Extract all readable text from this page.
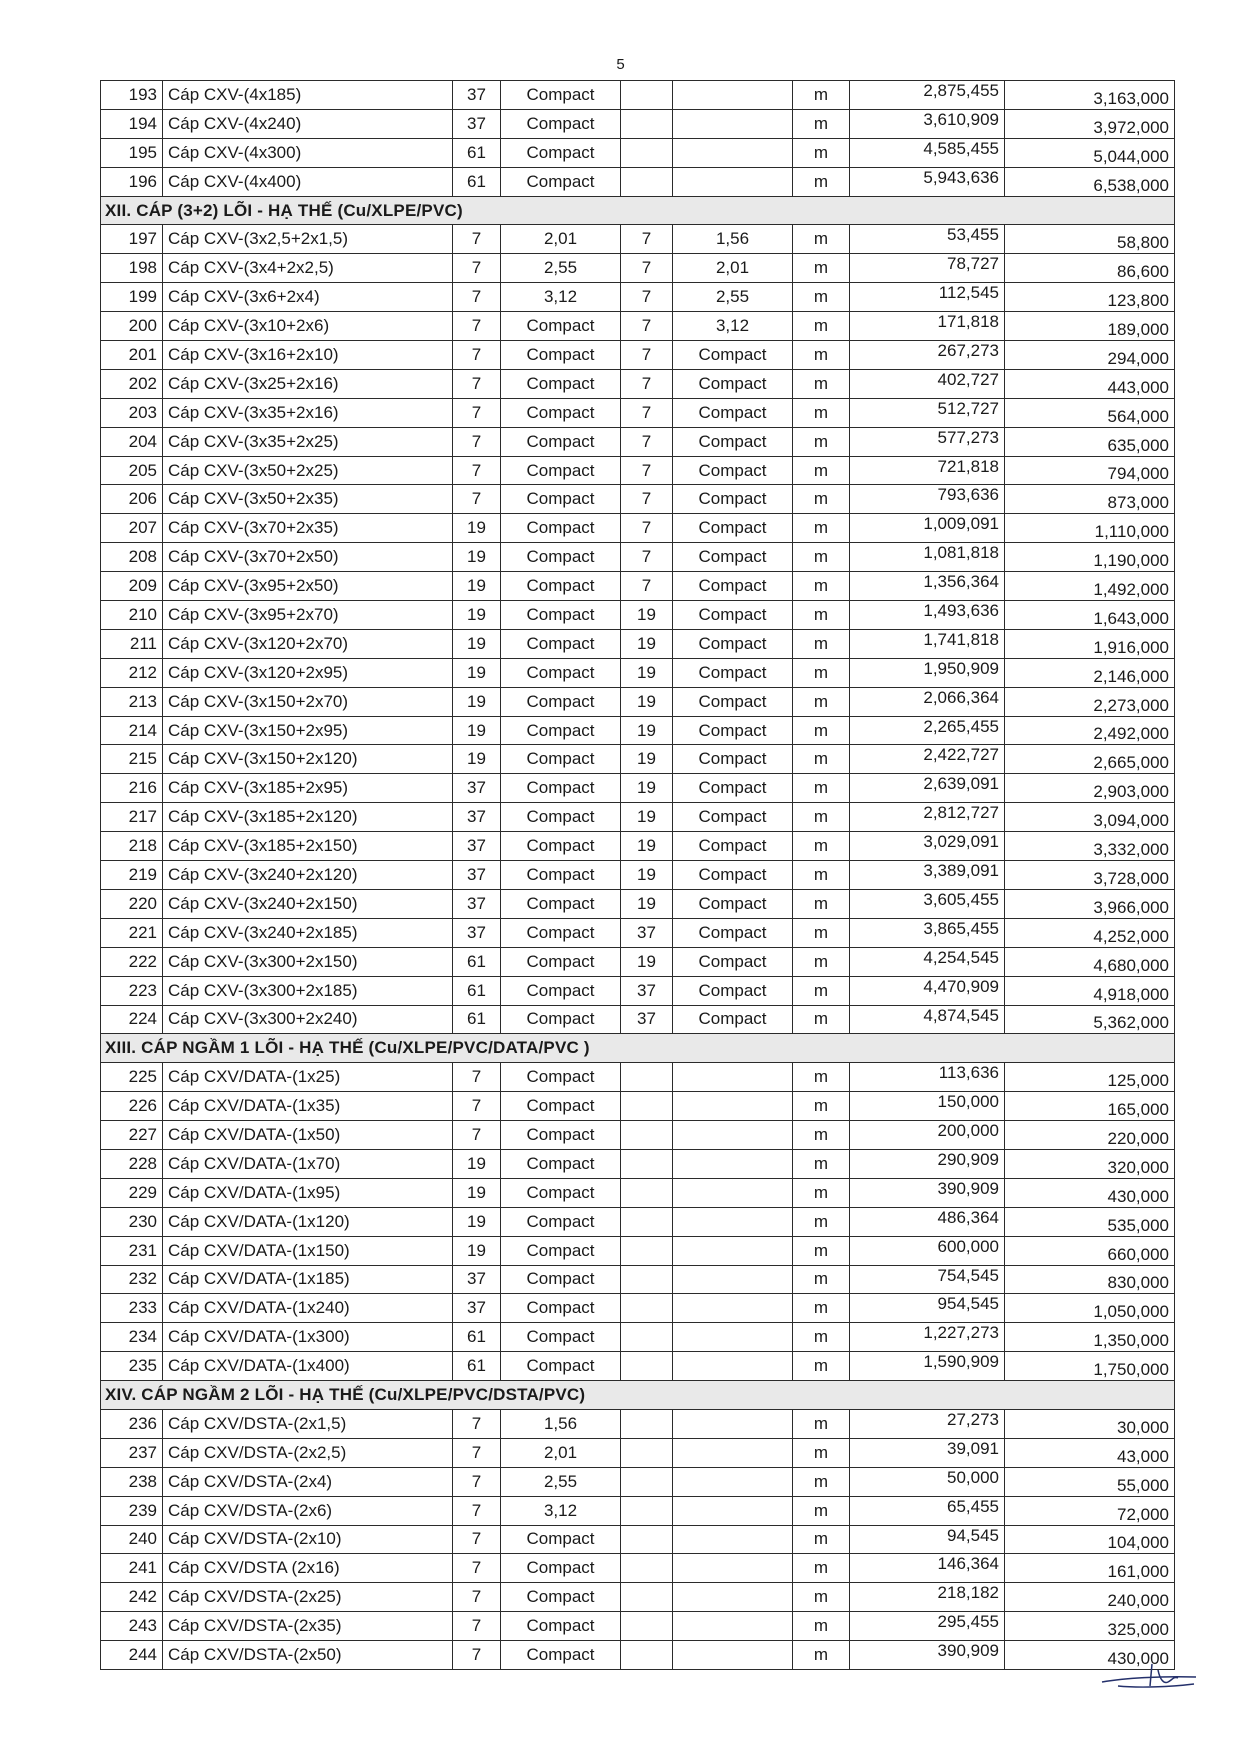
5
193	Cáp CXV-(4x185)	37	Compact			m	2,875,455	3,163,000
194	Cáp CXV-(4x240)	37	Compact			m	3,610,909	3,972,000
195	Cáp CXV-(4x300)	61	Compact			m	4,585,455	5,044,000
196	Cáp CXV-(4x400)	61	Compact			m	5,943,636	6,538,000
XII. CÁP (3+2) LÕI - HẠ THẾ (Cu/XLPE/PVC)								
197	Cáp CXV-(3x2,5+2x1,5)	7	2,01	7	1,56	m	53,455	58,800
198	Cáp CXV-(3x4+2x2,5)	7	2,55	7	2,01	m	78,727	86,600
199	Cáp CXV-(3x6+2x4)	7	3,12	7	2,55	m	112,545	123,800
200	Cáp CXV-(3x10+2x6)	7	Compact	7	3,12	m	171,818	189,000
201	Cáp CXV-(3x16+2x10)	7	Compact	7	Compact	m	267,273	294,000
202	Cáp CXV-(3x25+2x16)	7	Compact	7	Compact	m	402,727	443,000
203	Cáp CXV-(3x35+2x16)	7	Compact	7	Compact	m	512,727	564,000
204	Cáp CXV-(3x35+2x25)	7	Compact	7	Compact	m	577,273	635,000
205	Cáp CXV-(3x50+2x25)	7	Compact	7	Compact	m	721,818	794,000
206	Cáp CXV-(3x50+2x35)	7	Compact	7	Compact	m	793,636	873,000
207	Cáp CXV-(3x70+2x35)	19	Compact	7	Compact	m	1,009,091	1,110,000
208	Cáp CXV-(3x70+2x50)	19	Compact	7	Compact	m	1,081,818	1,190,000
209	Cáp CXV-(3x95+2x50)	19	Compact	7	Compact	m	1,356,364	1,492,000
210	Cáp CXV-(3x95+2x70)	19	Compact	19	Compact	m	1,493,636	1,643,000
211	Cáp CXV-(3x120+2x70)	19	Compact	19	Compact	m	1,741,818	1,916,000
212	Cáp CXV-(3x120+2x95)	19	Compact	19	Compact	m	1,950,909	2,146,000
213	Cáp CXV-(3x150+2x70)	19	Compact	19	Compact	m	2,066,364	2,273,000
214	Cáp CXV-(3x150+2x95)	19	Compact	19	Compact	m	2,265,455	2,492,000
215	Cáp CXV-(3x150+2x120)	19	Compact	19	Compact	m	2,422,727	2,665,000
216	Cáp CXV-(3x185+2x95)	37	Compact	19	Compact	m	2,639,091	2,903,000
217	Cáp CXV-(3x185+2x120)	37	Compact	19	Compact	m	2,812,727	3,094,000
218	Cáp CXV-(3x185+2x150)	37	Compact	19	Compact	m	3,029,091	3,332,000
219	Cáp CXV-(3x240+2x120)	37	Compact	19	Compact	m	3,389,091	3,728,000
220	Cáp CXV-(3x240+2x150)	37	Compact	19	Compact	m	3,605,455	3,966,000
221	Cáp CXV-(3x240+2x185)	37	Compact	37	Compact	m	3,865,455	4,252,000
222	Cáp CXV-(3x300+2x150)	61	Compact	19	Compact	m	4,254,545	4,680,000
223	Cáp CXV-(3x300+2x185)	61	Compact	37	Compact	m	4,470,909	4,918,000
224	Cáp CXV-(3x300+2x240)	61	Compact	37	Compact	m	4,874,545	5,362,000
XIII. CÁP NGẦM 1 LÕI - HẠ THẾ (Cu/XLPE/PVC/DATA/PVC )								
225	Cáp CXV/DATA-(1x25)	7	Compact			m	113,636	125,000
226	Cáp CXV/DATA-(1x35)	7	Compact			m	150,000	165,000
227	Cáp CXV/DATA-(1x50)	7	Compact			m	200,000	220,000
228	Cáp CXV/DATA-(1x70)	19	Compact			m	290,909	320,000
229	Cáp CXV/DATA-(1x95)	19	Compact			m	390,909	430,000
230	Cáp CXV/DATA-(1x120)	19	Compact			m	486,364	535,000
231	Cáp CXV/DATA-(1x150)	19	Compact			m	600,000	660,000
232	Cáp CXV/DATA-(1x185)	37	Compact			m	754,545	830,000
233	Cáp CXV/DATA-(1x240)	37	Compact			m	954,545	1,050,000
234	Cáp CXV/DATA-(1x300)	61	Compact			m	1,227,273	1,350,000
235	Cáp CXV/DATA-(1x400)	61	Compact			m	1,590,909	1,750,000
XIV. CÁP NGẦM 2 LÕI - HẠ THẾ (Cu/XLPE/PVC/DSTA/PVC)								
236	Cáp CXV/DSTA-(2x1,5)	7	1,56			m	27,273	30,000
237	Cáp CXV/DSTA-(2x2,5)	7	2,01			m	39,091	43,000
238	Cáp CXV/DSTA-(2x4)	7	2,55			m	50,000	55,000
239	Cáp CXV/DSTA-(2x6)	7	3,12			m	65,455	72,000
240	Cáp CXV/DSTA-(2x10)	7	Compact			m	94,545	104,000
241	Cáp CXV/DSTA (2x16)	7	Compact			m	146,364	161,000
242	Cáp CXV/DSTA-(2x25)	7	Compact			m	218,182	240,000
243	Cáp CXV/DSTA-(2x35)	7	Compact			m	295,455	325,000
244	Cáp CXV/DSTA-(2x50)	7	Compact			m	390,909	430,000
